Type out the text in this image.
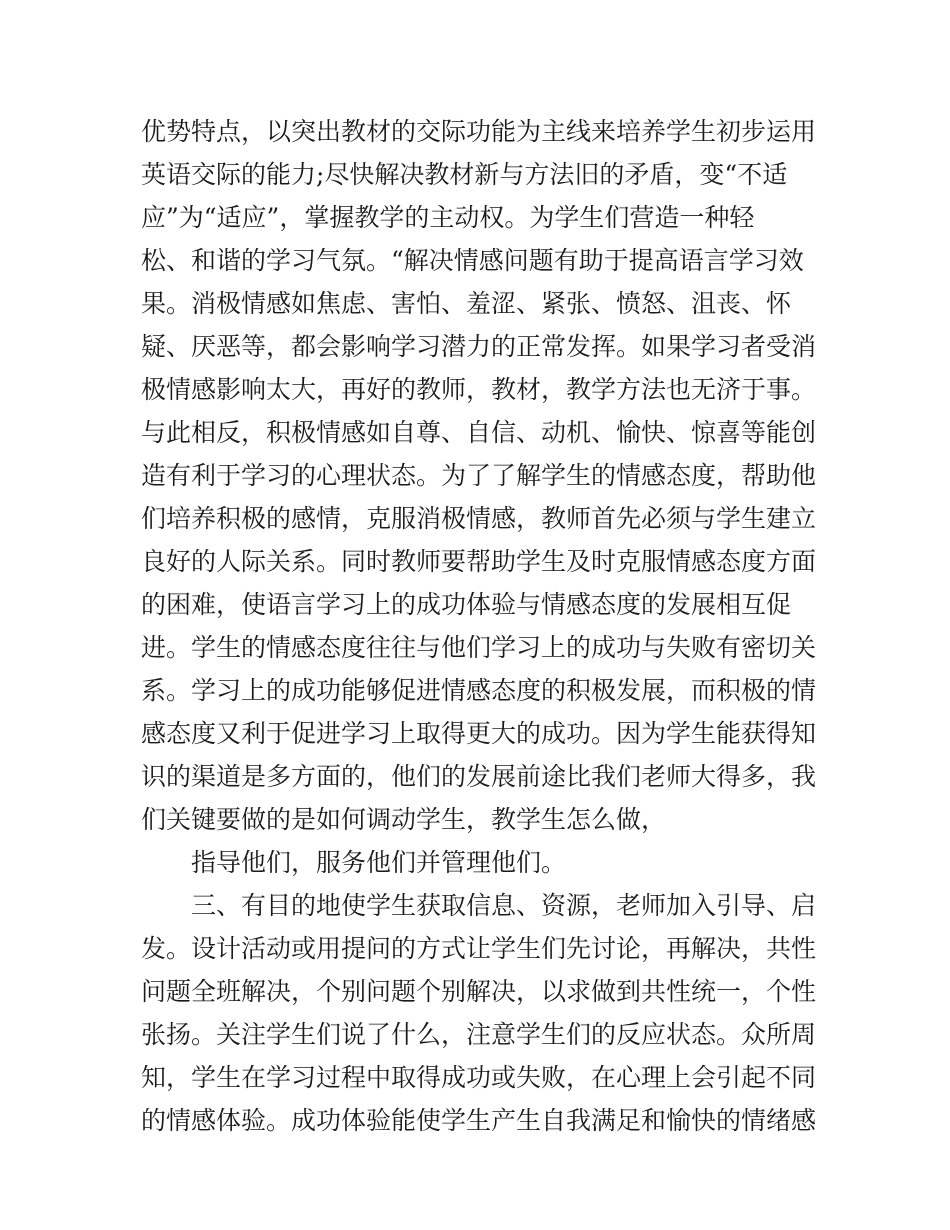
优势特点，以突出教材的交际功能为主线来培养学生初步运用
英语交际的能力;尽快解决教材新与方法旧的矛盾，变“不适
应”为“适应”，掌握教学的主动权。为学生们营造一种轻
松、和谐的学习气氛。“解决情感问题有助于提高语言学习效
果。消极情感如焦虑、害怕、羞涩、紧张、愤怒、沮丧、怀
疑、厌恶等，都会影响学习潜力的正常发挥。如果学习者受消
极情感影响太大，再好的教师，教材，教学方法也无济于事。
与此相反，积极情感如自尊、自信、动机、愉快、惊喜等能创
造有利于学习的心理状态。为了了解学生的情感态度，帮助他
们培养积极的感情，克服消极情感，教师首先必须与学生建立
良好的人际关系。同时教师要帮助学生及时克服情感态度方面
的困难，使语言学习上的成功体验与情感态度的发展相互促
进。学生的情感态度往往与他们学习上的成功与失败有密切关
系。学习上的成功能够促进情感态度的积极发展，而积极的情
感态度又利于促进学习上取得更大的成功。因为学生能获得知
识的渠道是多方面的，他们的发展前途比我们老师大得多，我
们关键要做的是如何调动学生，教学生怎么做，
指导他们，服务他们并管理他们。
三、有目的地使学生获取信息、资源，老师加入引导、启
发。设计活动或用提问的方式让学生们先讨论，再解决，共性
问题全班解决，个别问题个别解决，以求做到共性统一，个性
张扬。关注学生们说了什么，注意学生们的反应状态。众所周
知，学生在学习过程中取得成功或失败，在心理上会引起不同
的情感体验。成功体验能使学生产生自我满足和愉快的情绪感
